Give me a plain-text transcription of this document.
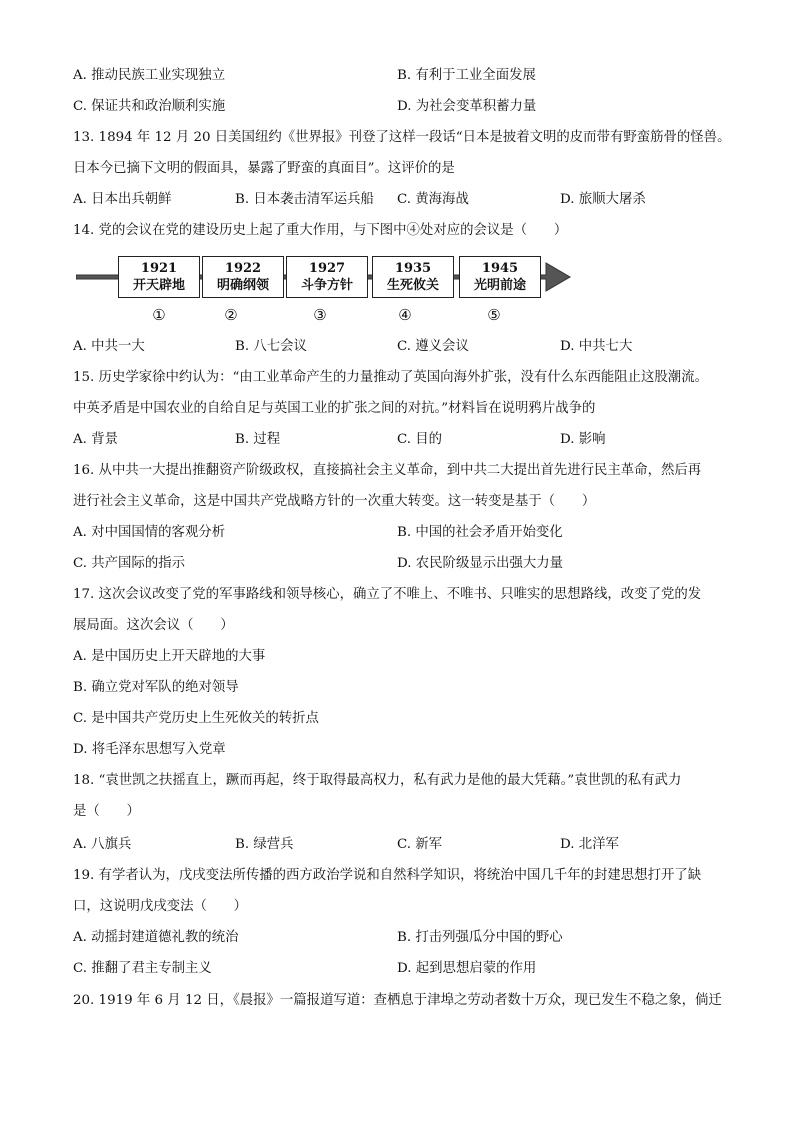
A. 推动民族工业实现独立	B. 有利于工业全面发展
C. 保证共和政治顺利实施	D. 为社会变革积蓄力量
13. 1894 年 12 月 20 日美国纽约《世界报》刊登了这样一段话“日本是披着文明的皮而带有野蛮筋骨的怪兽。
日本今已摘下文明的假面具，暴露了野蛮的真面目”。这评价的是
A. 日本出兵朝鲜	B. 日本袭击清军运兵船 C. 黄海海战	D. 旅顺大屠杀
14. 党的会议在党的建设历史上起了重大作用，与下图中④处对应的会议是（　　）
1921
开天辟地
1922
明确纲领
1927
斗争方针
1935
生死攸关
1945
光明前途
①	②	③	④	⑤
A. 中共一大	B. 八七会议	C. 遵义会议	D. 中共七大
15. 历史学家徐中约认为：“由工业革命产生的力量推动了英国向海外扩张，没有什么东西能阻止这股潮流。
中英矛盾是中国农业的自给自足与英国工业的扩张之间的对抗。”材料旨在说明鸦片战争的
A. 背景	B. 过程	C. 目的	D. 影响
16. 从中共一大提出推翻资产阶级政权，直接搞社会主义革命，到中共二大提出首先进行民主革命，然后再
进行社会主义革命，这是中国共产党战略方针的一次重大转变。这一转变是基于（　　）
A. 对中国国情的客观分析	B. 中国的社会矛盾开始变化
C. 共产国际的指示	D. 农民阶级显示出强大力量
17. 这次会议改变了党的军事路线和领导核心，确立了不唯上、不唯书、只唯实的思想路线，改变了党的发
展局面。这次会议（　　）
A. 是中国历史上开天辟地的大事
B. 确立党对军队的绝对领导
C. 是中国共产党历史上生死攸关的转折点
D. 将毛泽东思想写入党章
18. “袁世凯之扶摇直上，蹶而再起，终于取得最高权力，私有武力是他的最大凭藉。”袁世凯的私有武力
是（　　）
A. 八旗兵	B. 绿营兵	C. 新军	D. 北洋军
19. 有学者认为，戊戌变法所传播的西方政治学说和自然科学知识，将统治中国几千年的封建思想打开了缺
口，这说明戊戌变法（　　）
A. 动摇封建道德礼教的统治	B. 打击列强瓜分中国的野心
C. 推翻了君主专制主义	D. 起到思想启蒙的作用
20. 1919 年 6 月 12 日，《晨报》一篇报道写道：查栖息于津埠之劳动者数十万众，现已发生不稳之象，倘迁
